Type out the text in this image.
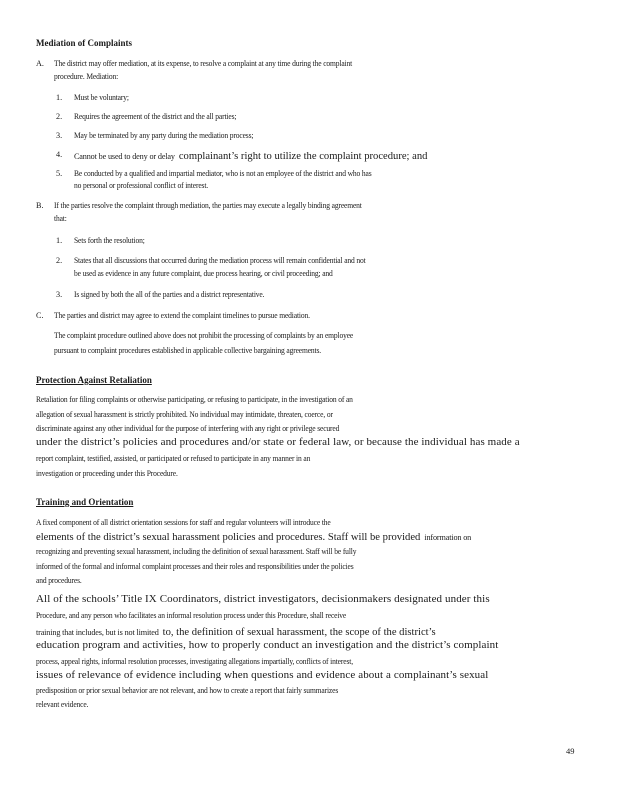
Mediation of Complaints
A. The district may offer mediation, at its expense, to resolve a complaint at any time during the complaint
procedure. Mediation:
1. Must be voluntary;
2. Requires the agreement of the district and the all parties;
3. May be terminated by any party during the mediation process;
4. Cannot be used to deny or delay complainant’s right to utilize the complaint procedure; and
5. Be conducted by a qualified and impartial mediator, who is not an employee of the district and who has
no personal or professional conflict of interest.
B. If the parties resolve the complaint through mediation, the parties may execute a legally binding agreement
that:
1. Sets forth the resolution;
2. States that all discussions that occurred during the mediation process will remain confidential and not
be used as evidence in any future complaint, due process hearing, or civil proceeding; and
3. Is signed by both the all of the parties and a district representative.
C. The parties and district may agree to extend the complaint timelines to pursue mediation.
The complaint procedure outlined above does not prohibit the processing of complaints by an employee
pursuant to complaint procedures established in applicable collective bargaining agreements.
Protection Against Retaliation
Retaliation for filing complaints or otherwise participating, or refusing to participate, in the investigation of an
allegation of sexual harassment is strictly prohibited. No individual may intimidate, threaten, coerce, or
discriminate against any other individual for the purpose of interfering with any right or privilege secured
under the district’s policies and procedures and/or state or federal law, or because the individual has made a
report complaint, testified, assisted, or participated or refused to participate in any manner in an
investigation or proceeding under this Procedure.
Training and Orientation
A fixed component of all district orientation sessions for staff and regular volunteers will introduce the
elements of the district’s sexual harassment policies and procedures. Staff will be provided information on
recognizing and preventing sexual harassment, including the definition of sexual harassment. Staff will be fully
informed of the formal and informal complaint processes and their roles and responsibilities under the policies
and procedures.
All of the schools’ Title IX Coordinators, district investigators, decisionmakers designated under this
Procedure, and any person who facilitates an informal resolution process under this Procedure, shall receive
training that includes, but is not limited to, the definition of sexual harassment, the scope of the district’s
education program and activities, how to properly conduct an investigation and the district’s complaint
process, appeal rights, informal resolution processes, investigating allegations impartially, conflicts of interest,
issues of relevance of evidence including when questions and evidence about a complainant’s sexual
predisposition or prior sexual behavior are not relevant, and how to create a report that fairly summarizes
relevant evidence.
49
